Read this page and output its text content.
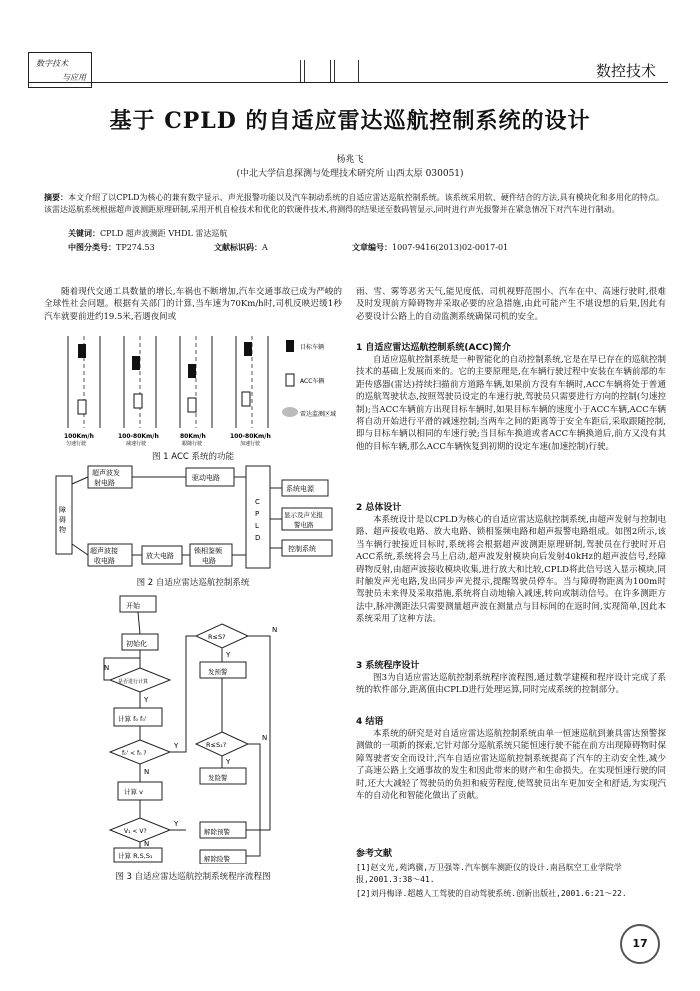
数字技术
与应用	数控技术
基于 CPLD 的自适应雷达巡航控制系统的设计
杨兆飞
(中北大学信息探测与处理技术研究所 山西太原 030051)
摘要：本文介绍了以CPLD为核心的兼有数字显示、声光报警功能以及汽车制动系统的自适应雷达巡航控制系统。该系统采用软、硬件结合的方法,具有模块化和多用化的特点。该雷达巡航系统根据超声波测距原理研制,采用开机自检技术和优化的软硬件技术,将测得的结果送至数码管显示,同时进行声光报警并在紧急情况下对汽车进行制动。
关键词：CPLD 超声波测距 VHDL 雷达巡航
中图分类号：TP274.53	文献标识码：A	文章编号：1007-9416(2013)02-0017-01
随着现代交通工具数量的增长,车祸也不断增加,汽车交通事故已成为严峻的全球性社会问题。根据有关部门的计算,当车速为70Km/h时,司机反映迟缓1秒汽车就要前进约19.5米,若遇夜间或
目标车辆
ACC车辆
雷达监测区域
100Km/h	100-80Km/h	80Km/h	100-80Km/h
匀速行驶	减速行驶	跟随行驶	加速行驶
图 1 ACC 系统的功能
障
碍
物
超声波发
射电路
超声波接
收电路
驱动电路
放大电路
锁相鉴频
电路
C
P
L
D
系统电源
显示及声光报
警电路
控制系统
图 2 自适应雷达巡航控制系统
开始
初始化
是否进行计算
计算 f₀ f₀'
f₀' < f₀ ?
计算 v
V₁ < V?
计算 R,S,S₁
R≤S?
发预警
R≤S₁?
发险警
解除预警
解除险警
Y
N
Y
N
Y
N
Y
N
Y
N
图 3 自适应雷达巡航控制系统程序流程图
雨、雪、雾等恶劣天气,能见度低、司机视野范围小、汽车在中、高速行驶时,很难及时发现前方障碍物并采取必要的应急措施,由此可能产生不堪设想的后果,因此有必要设计公路上的自动监测系统确保司机的安全。
1 自适应雷达巡航控制系统(ACC)简介
自适应巡航控制系统是一种智能化的自动控制系统,它是在早已存在的巡航控制技术的基础上发展而来的。它的主要原理是,在车辆行驶过程中安装在车辆前部的车距传感器(雷达)持续扫描前方道路车辆,如果前方没有车辆时,ACC车辆将处于普通的巡航驾驶状态,按照驾驶员设定的车速行驶,驾驶员只需要进行方向的控制(匀速控制);当ACC车辆前方出现目标车辆时,如果目标车辆的速度小于ACC车辆,ACC车辆将自动开始进行平滑的减速控制;当两车之间的距离等于安全车距后,采取跟随控制,即与目标车辆以相同的车速行驶;当目标车换道或者ACC车辆换道后,前方又没有其他的目标车辆,那么ACC车辆恢复到初期的设定车速(加速控制)行驶。
2 总体设计
本系统设计是以CPLD为核心的自适应雷达巡航控制系统,由超声发射与控制电路、超声接收电路、放大电路、锁相鉴频电路和超声报警电路组成。如图2所示,该当车辆行驶接近目标时,系统将会根据超声波测距原理研制,驾驶员在行驶时开启ACC系统,系统将会马上启动,超声波发射模块向后发射40kHz的超声波信号,经障碍物反射,由超声波接收模块收集,进行放大和比较,CPLD将此信号送入显示模块,同时触发声光电路,发出同步声光提示,提醒驾驶员停车。当与障碍物距离为100m时驾驶员未来得及采取措施,系统将自动地输入减速,转向或制动信号。在许多测距方法中,脉冲测距法只需要测量超声波在测量点与目标间的在返时间,实现简单,因此本系统采用了这种方法。
3 系统程序设计
图3为自适应雷达巡航控制系统程序流程图,通过数学建模和程序设计完成了系统的软件部分,距离值由CPLD进行处理运算,同时完成系统的控制部分。
4 结语
本系统的研究是对自适应雷达巡航控制系统由单一恒速巡航到兼具雷达预警探测做的一项新的探索,它针对部分巡航系统只能恒速行驶不能在前方出现障碍物时保障驾驶者安全而设计,汽车自适应雷达巡航控制系统提高了汽车的主动安全性,减少了高速公路上交通事故的发生和因此带来的财产和生命损失。在实现恒速行驶的同时,还大大减轻了驾驶员的负担和疲劳程度,使驾驶员出车更加安全和舒适,为实现汽车的自动化和智能化做出了贡献。
参考文献
[1]赵文光,苑鸿骥,万卫强等.汽车倒车测距仪的设计.南昌航空工业学院学报,2001.3:38～41.
[2]刘丹梅译.超越人工驾驶的自动驾驶系统.创新出版社,2001.6:21～22.
17
